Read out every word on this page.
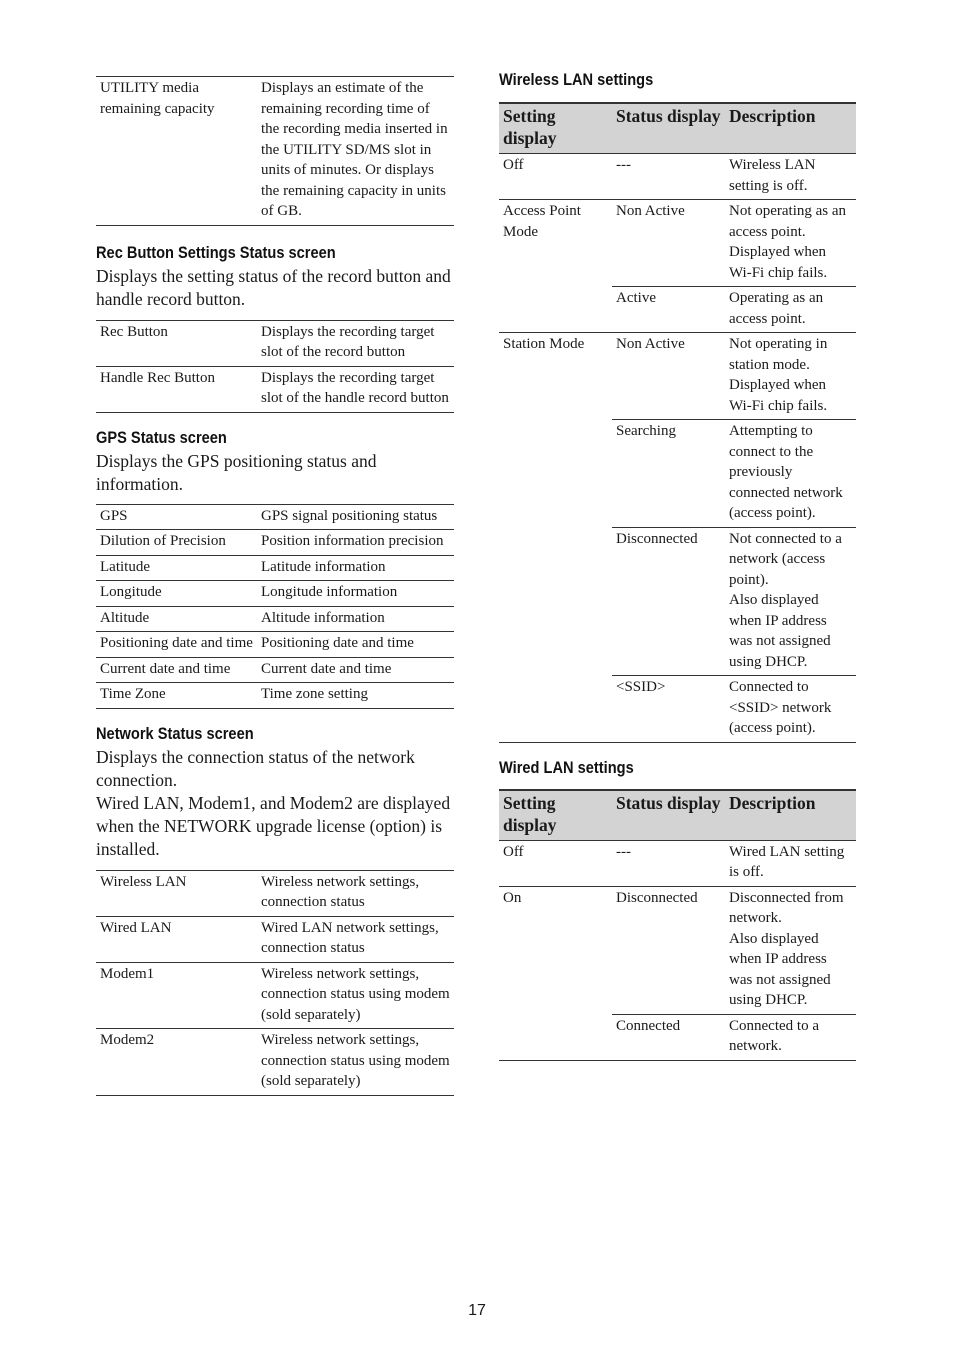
UTILITY media remaining capacity	Displays an estimate of the remaining recording time of the recording media inserted in the UTILITY SD/MS slot in units of minutes. Or displays the remaining capacity in units of GB.
Rec Button Settings Status screen
Displays the setting status of the record button and handle record button.
Rec Button	Displays the recording target slot of the record button
Handle Rec Button	Displays the recording target slot of the handle record button
GPS Status screen
Displays the GPS positioning status and information.
GPS	GPS signal positioning status
Dilution of Precision	Position information precision
Latitude	Latitude information
Longitude	Longitude information
Altitude	Altitude information
Positioning date and time	Positioning date and time
Current date and time	Current date and time
Time Zone	Time zone setting
Network Status screen
Displays the connection status of the network connection.
Wired LAN, Modem1, and Modem2 are displayed when the NETWORK upgrade license (option) is installed.
Wireless LAN	Wireless network settings, connection status
Wired LAN	Wired LAN network settings, connection status
Modem1	Wireless network settings, connection status using modem (sold separately)
Modem2	Wireless network settings, connection status using modem (sold separately)
Wireless LAN settings
Setting display	Status display	Description
Off	---	Wireless LAN setting is off.
Access Point Mode	Non Active	Not operating as an access point. Displayed when Wi-Fi chip fails.
	Active	Operating as an access point.
Station Mode	Non Active	Not operating in station mode. Displayed when Wi-Fi chip fails.
	Searching	Attempting to connect to the previously connected network (access point).
	Disconnected	Not connected to a network (access point).
Also displayed when IP address was not assigned using DHCP.

	<SSID>	Connected to <SSID> network (access point).
Wired LAN settings
Setting display	Status display	Description
Off	---	Wired LAN setting is off.
On	Disconnected	Disconnected from network.
Also displayed when IP address was not assigned using DHCP.

	Connected	Connected to a network.
17
